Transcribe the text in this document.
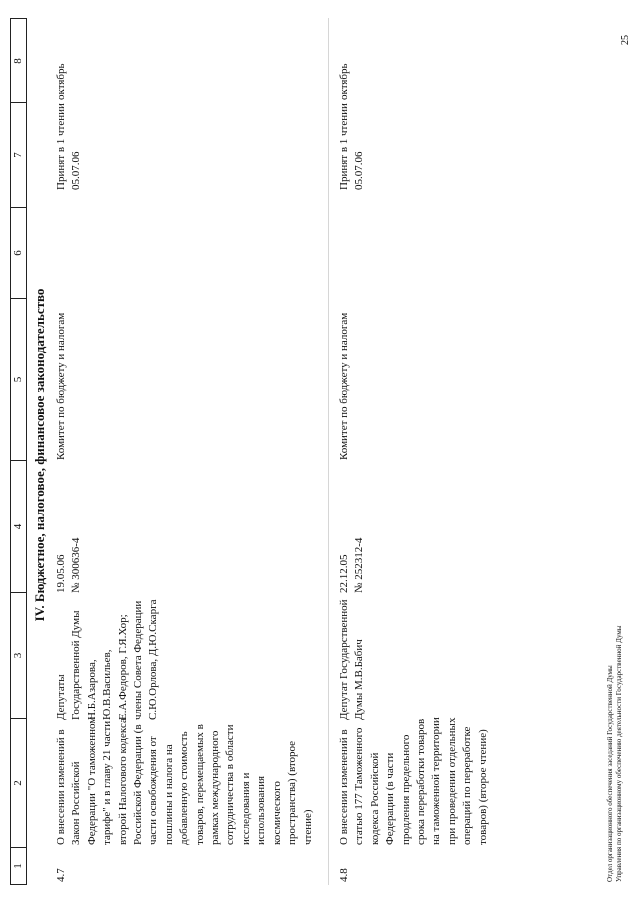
1
2
3
4
5
6
7
8
IV. Бюджетное, налоговое, финансовое законодательство
4.7
О внесении изменений в Закон Российской Федерации "О таможенном тарифе" и в главу 21 части второй Налогового кодекса Российской Федерации (в части освобождения от пошлины и налога на добавленную стоимость товаров, перемещаемых в рамках международного сотрудничества в области исследования и использования космического пространства) (второе чтение)
Депутаты Государственной Думы Н.Б.Азарова, Ю.В.Васильев, Е.А.Федоров, Г.Я.Хор; члены Совета Федерации С.Ю.Орлова, Д.Ю.Скарга
19.05.06
№ 300636-4
Комитет по бюджету и налогам
Принят в 1 чтении
05.07.06
октябрь
4.8
О внесении изменений в статью 177 Таможенного кодекса Российской Федерации (в части продления предельного срока переработки товаров на таможенной территории при проведении отдельных операций по переработке товаров) (второе чтение)
Депутат Государственной Думы М.В.Бабич
22.12.05
№ 252312-4
Комитет по бюджету и налогам
Принят в 1 чтении
05.07.06
октябрь
Отдел организационного обеспечения заседаний Государственной Думы
Управления по организационному обеспечению деятельности Государственной Думы
25
